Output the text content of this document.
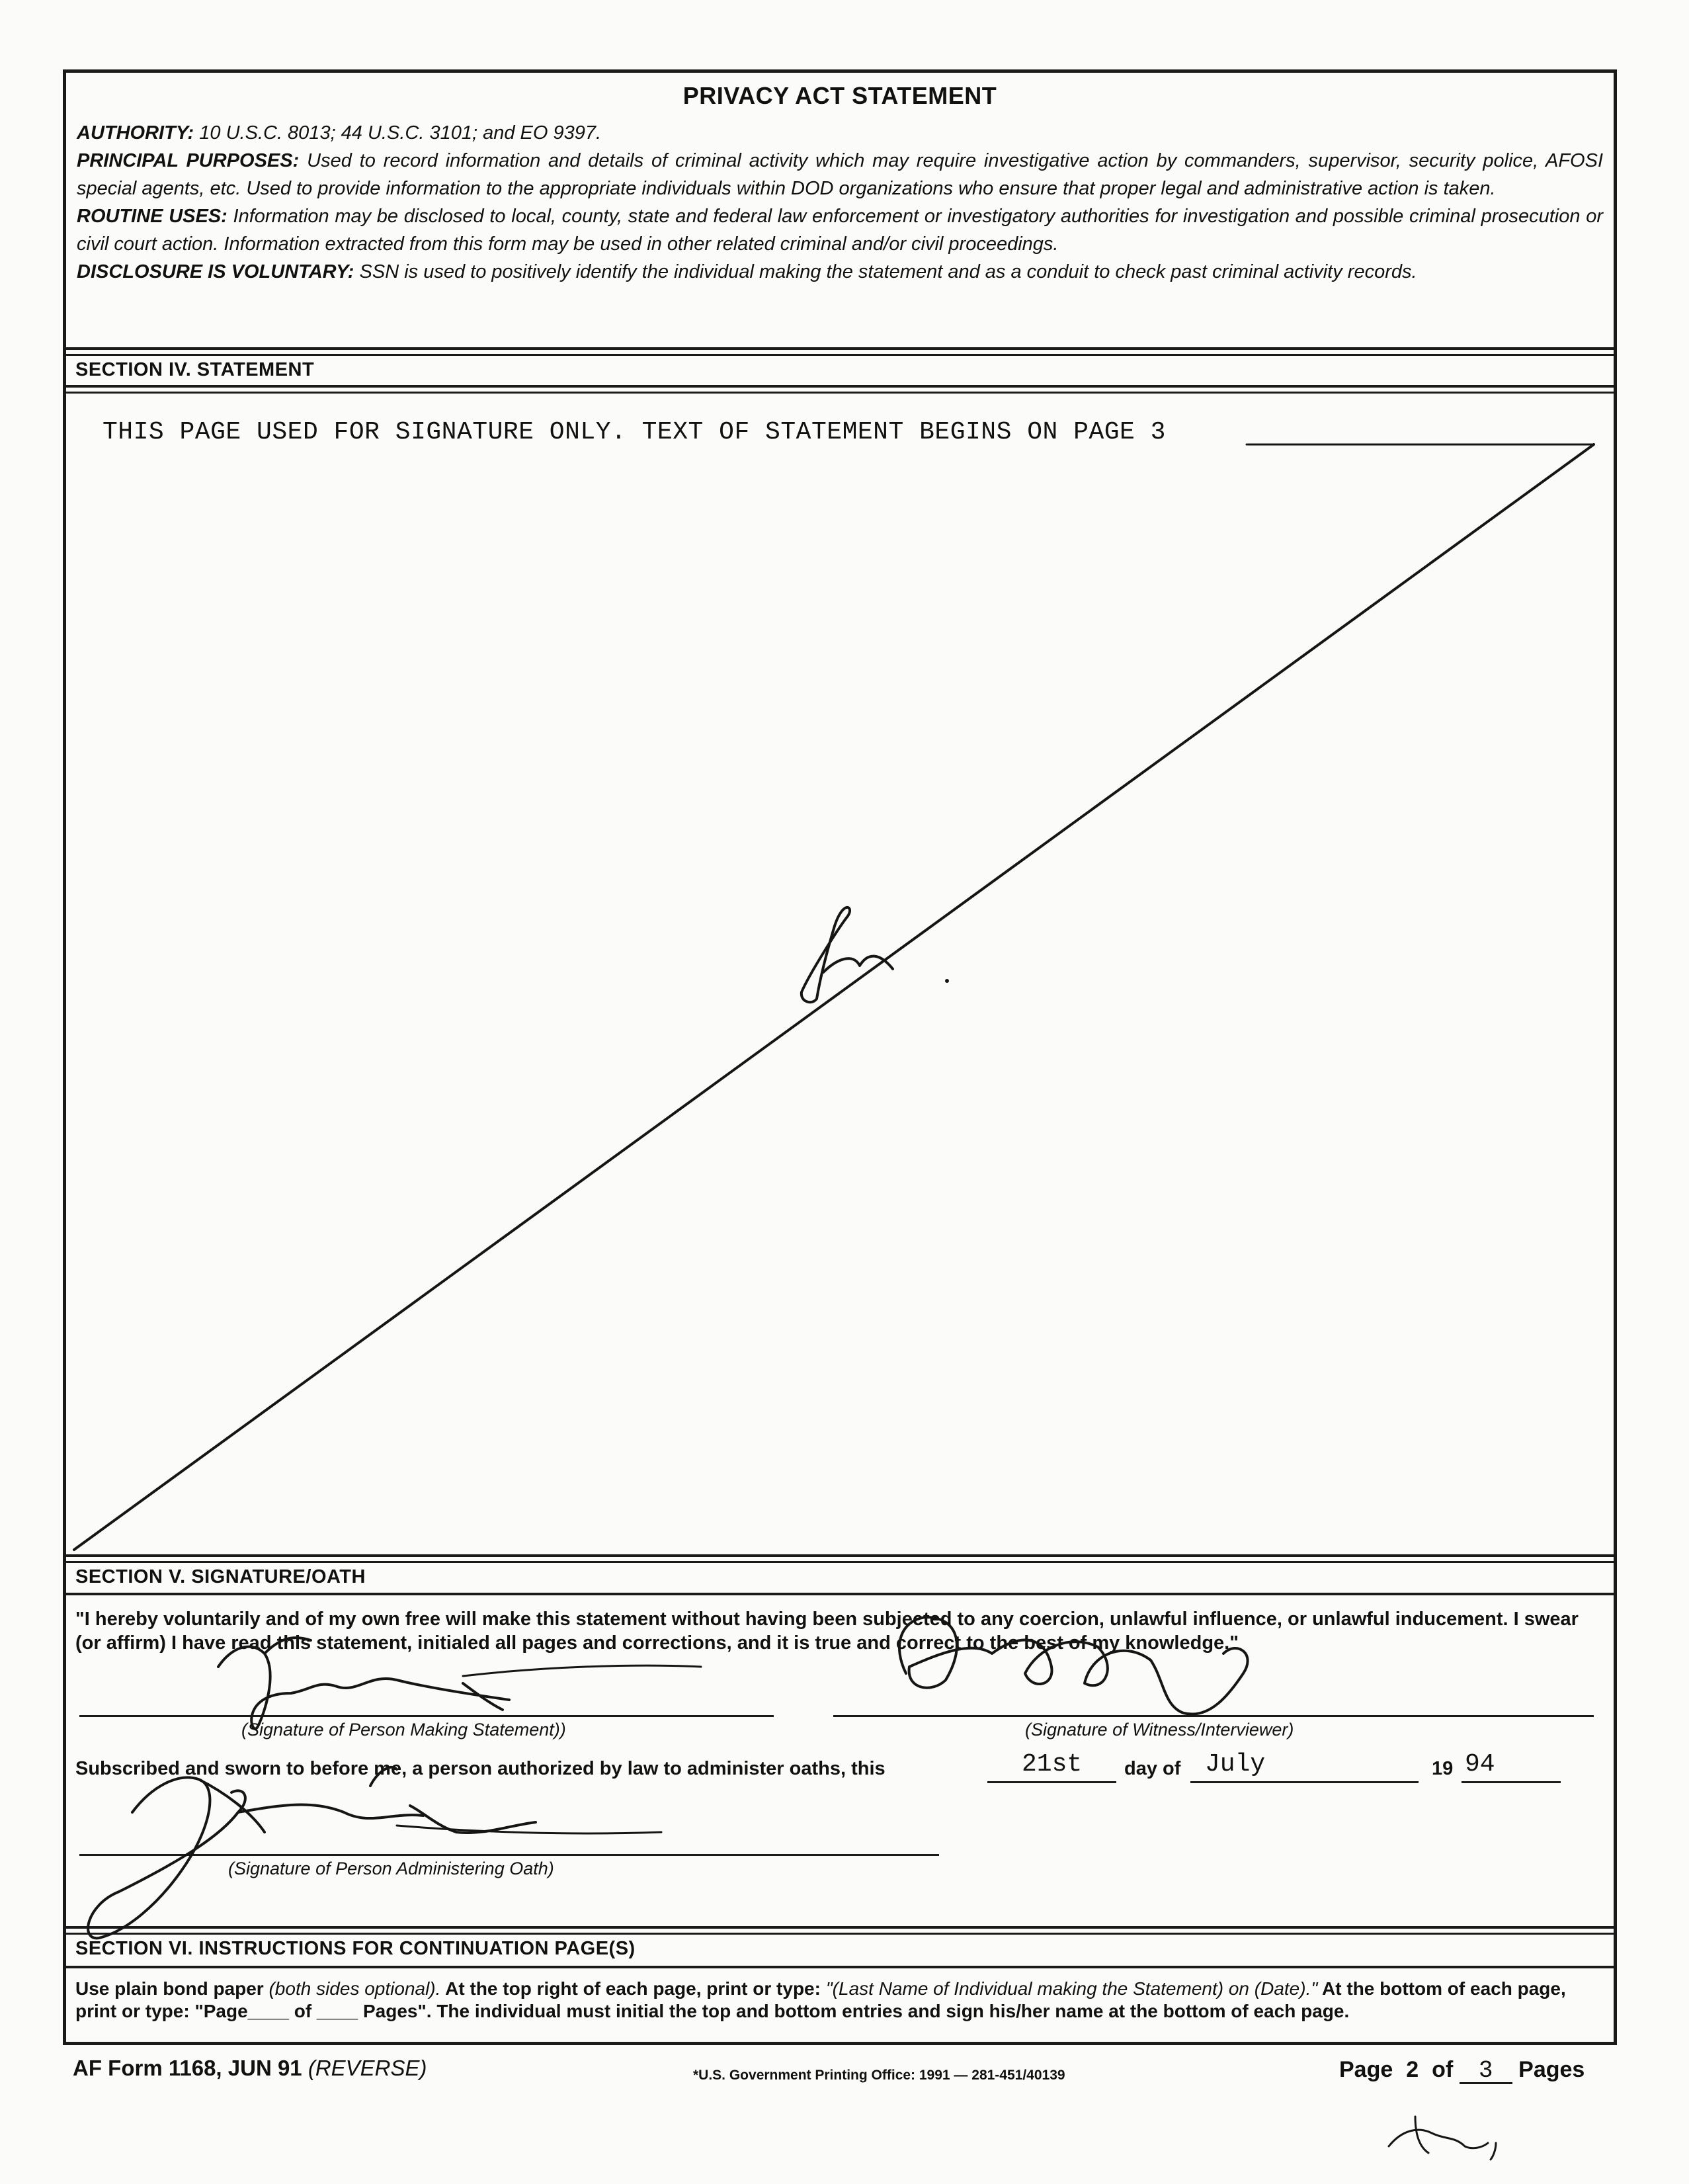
PRIVACY ACT STATEMENT

AUTHORITY: 10 U.S.C. 8013; 44 U.S.C. 3101; and EO 9397.

PRINCIPAL PURPOSES: Used to record information and details of criminal activity which may require investigative action by commanders, supervisor, security police, AFOSI special agents, etc. Used to provide information to the appropriate individuals within DOD organizations who ensure that proper legal and administrative action is taken.

ROUTINE USES: Information may be disclosed to local, county, state and federal law enforcement or investigatory authorities for investigation and possible criminal prosecution or civil court action. Information extracted from this form may be used in other related criminal and/or civil proceedings.

DISCLOSURE IS VOLUNTARY: SSN is used to positively identify the individual making the statement and as a conduit to check past criminal activity records.

SECTION IV. STATEMENT
THIS PAGE USED FOR SIGNATURE ONLY. TEXT OF STATEMENT BEGINS ON PAGE 3
SECTION V. SIGNATURE/OATH
"I hereby voluntarily and of my own free will make this statement without having been subjected to any coercion, unlawful influence, or unlawful inducement. I swear (or affirm) I have read this statement, initialed all pages and corrections, and it is true and correct to the best of my knowledge."
(Signature of Person Making Statement))	(Signature of Witness/Interviewer)
Subscribed and sworn to before me, a person authorized by law to administer oaths, this	21st day of July	19 94
(Signature of Person Administering Oath)
SECTION VI. INSTRUCTIONS FOR CONTINUATION PAGE(S)
Use plain bond paper (both sides optional). At the top right of each page, print or type: "(Last Name of Individual making the Statement) on (Date)." At the bottom of each page, print or type: "Page____ of ____ Pages". The individual must initial the top and bottom entries and sign his/her name at the bottom of each page.
AF Form 1168, JUN 91 (REVERSE)	*U.S. Government Printing Office: 1991 — 281-451/40139	Page 2 of 3 Pages
